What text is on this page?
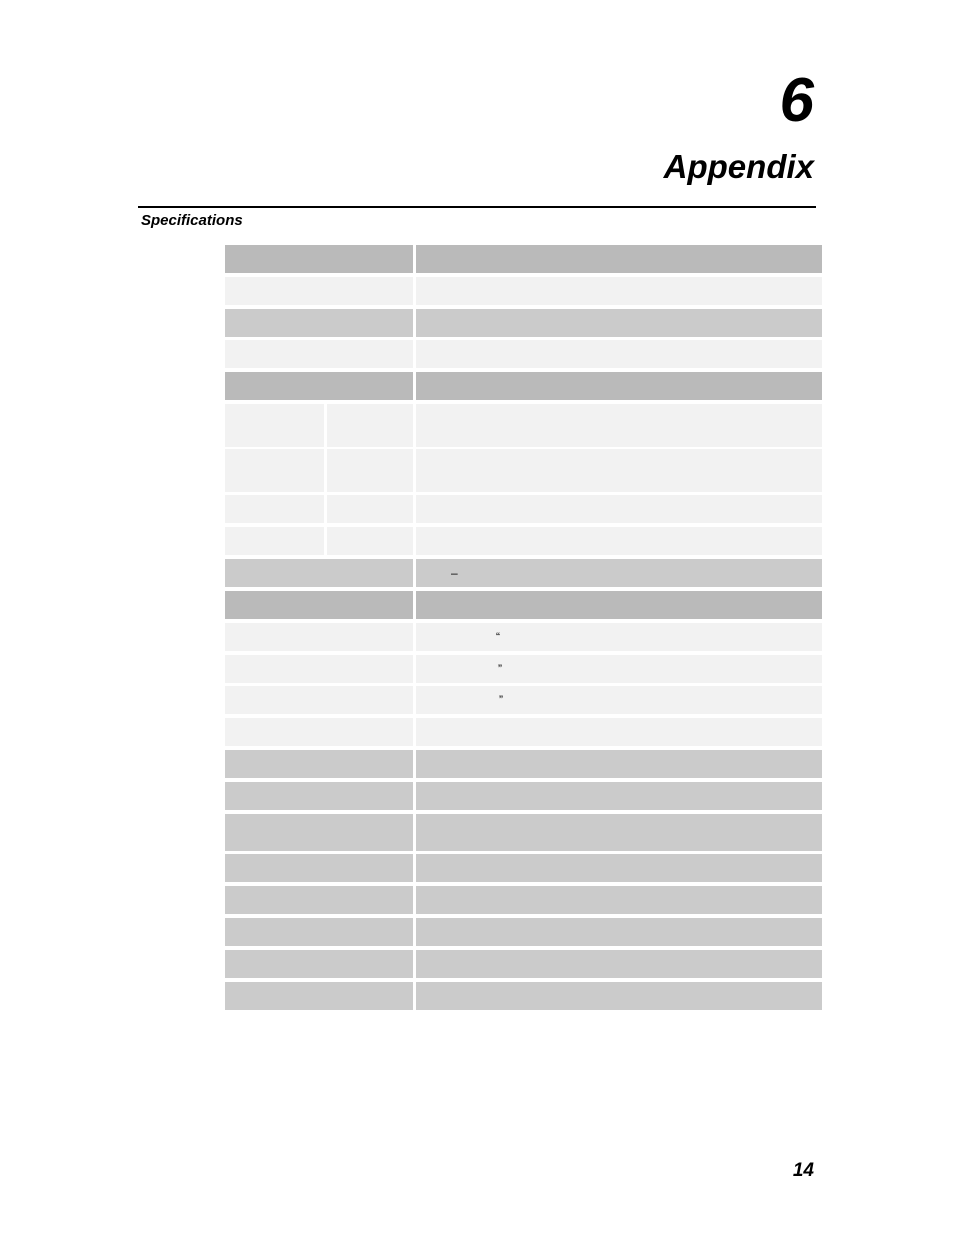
6
Appendix
Specifications
–
“
”
”
14
